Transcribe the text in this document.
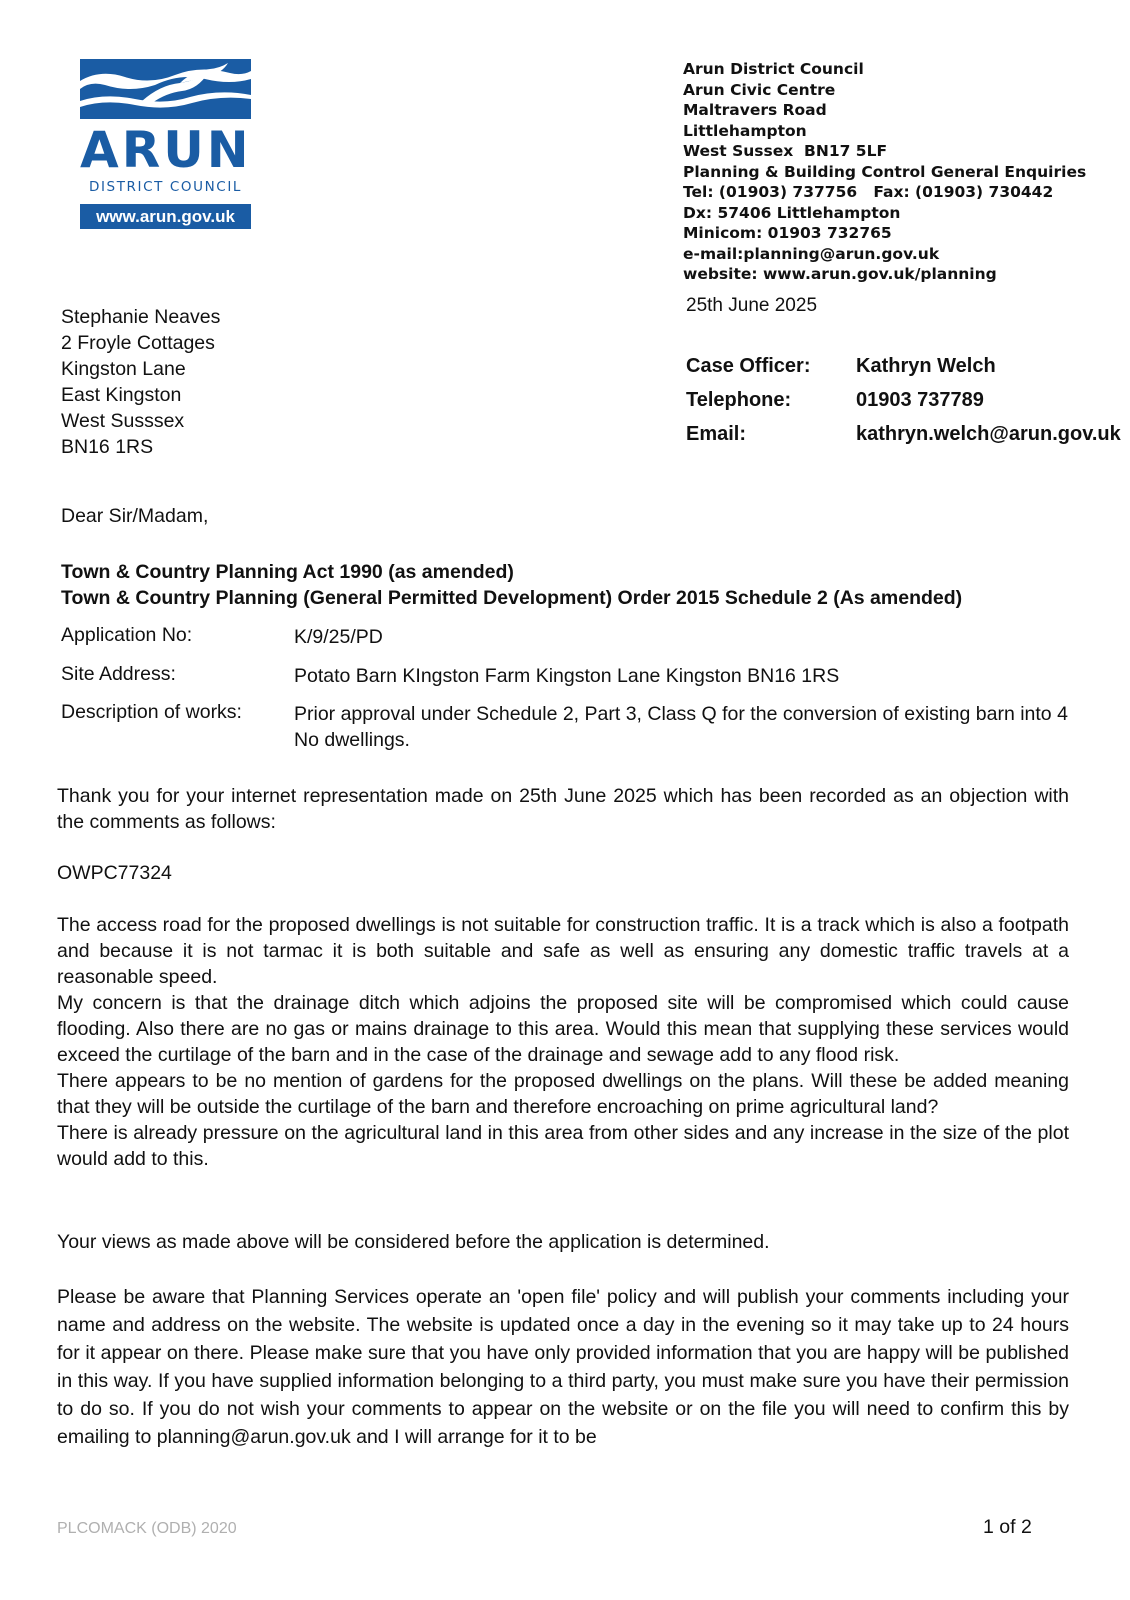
ARUN
DISTRICT COUNCIL
www.arun.gov.uk
Arun District Council
Arun Civic Centre
Maltravers Road
Littlehampton
West Sussex  BN17 5LF
Planning & Building Control General Enquiries
Tel: (01903) 737756   Fax: (01903) 730442
Dx: 57406 Littlehampton
Minicom: 01903 732765
e-mail:planning@arun.gov.uk
website: www.arun.gov.uk/planning
25th June 2025
Stephanie Neaves
2 Froyle Cottages
Kingston Lane
East Kingston
West Susssex
BN16 1RS
Case Officer: Kathryn Welch
Telephone:	01903 737789
Email:	kathryn.welch@arun.gov.uk
Dear Sir/Madam,
Town & Country Planning Act 1990 (as amended)
Town & Country Planning (General Permitted Development) Order 2015 Schedule 2 (As amended)
Application No:	K/9/25/PD
Site Address:	Potato Barn KIngston Farm Kingston Lane Kingston BN16 1RS
Description of works:	Prior approval under Schedule 2, Part 3, Class Q for the conversion of existing barn into 4 No dwellings.
Thank you for your internet representation made on 25th June 2025 which has been recorded as an objection with the comments as follows:
OWPC77324
The access road for the proposed dwellings is not suitable for construction traffic. It is a track which is also a footpath and because it is not tarmac it is both suitable and safe as well as ensuring any domestic traffic travels at a reasonable speed.
My concern is that the drainage ditch which adjoins the proposed site will be compromised which could cause flooding. Also there are no gas or mains drainage to this area. Would this mean that supplying these services would exceed the curtilage of the barn and in the case of the drainage and sewage add to any flood risk.
There appears to be no mention of gardens for the proposed dwellings on the plans. Will these be added meaning that they will be outside the curtilage of the barn and therefore encroaching on prime agricultural land?
There is already pressure on the agricultural land in this area from other sides and any increase in the size of the plot would add to this.
Your views as made above will be considered before the application is determined.
Please be aware that Planning Services operate an 'open file' policy and will publish your comments including your name and address on the website. The website is updated once a day in the evening so it may take up to 24 hours for it appear on there. Please make sure that you have only provided information that you are happy will be published in this way. If you have supplied information belonging to a third party, you must make sure you have their permission to do so. If you do not wish your comments to appear on the website or on the file you will need to confirm this by emailing to planning@arun.gov.uk and I will arrange for it to be
PLCOMACK (ODB) 2020	1 of 2
